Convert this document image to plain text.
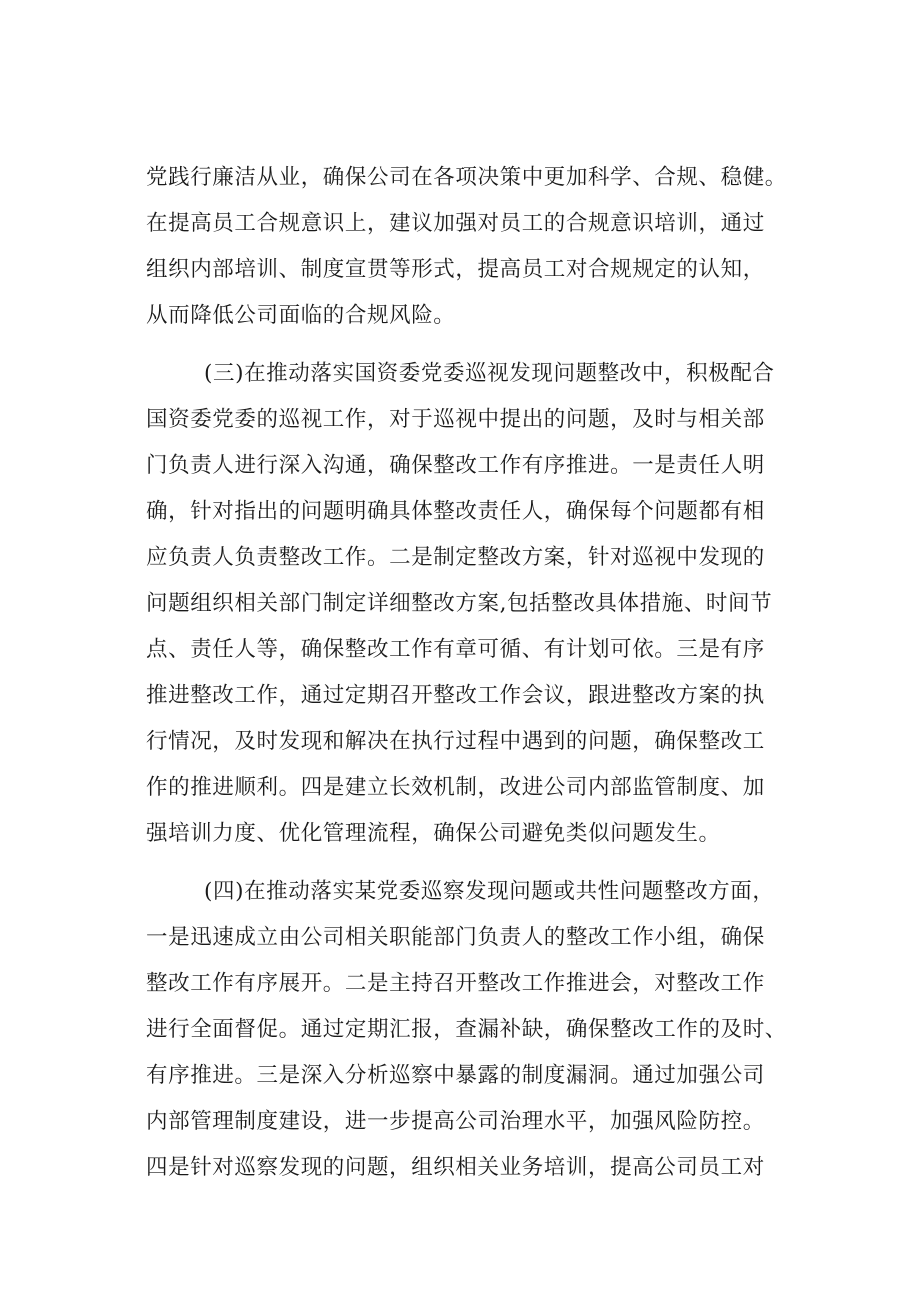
党践行廉洁从业，确保公司在各项决策中更加科学、合规、稳健。
在提高员工合规意识上，建议加强对员工的合规意识培训，通过
组织内部培训、制度宣贯等形式，提高员工对合规规定的认知，
从而降低公司面临的合规风险。
(三)在推动落实国资委党委巡视发现问题整改中，积极配合
国资委党委的巡视工作，对于巡视中提出的问题，及时与相关部
门负责人进行深入沟通，确保整改工作有序推进。一是责任人明
确，针对指出的问题明确具体整改责任人，确保每个问题都有相
应负责人负责整改工作。二是制定整改方案，针对巡视中发现的
问题组织相关部门制定详细整改方案,包括整改具体措施、时间节
点、责任人等，确保整改工作有章可循、有计划可依。三是有序
推进整改工作，通过定期召开整改工作会议，跟进整改方案的执
行情况，及时发现和解决在执行过程中遇到的问题，确保整改工
作的推进顺利。四是建立长效机制，改进公司内部监管制度、加
强培训力度、优化管理流程，确保公司避免类似问题发生。
(四)在推动落实某党委巡察发现问题或共性问题整改方面，
一是迅速成立由公司相关职能部门负责人的整改工作小组，确保
整改工作有序展开。二是主持召开整改工作推进会，对整改工作
进行全面督促。通过定期汇报，查漏补缺，确保整改工作的及时、
有序推进。三是深入分析巡察中暴露的制度漏洞。通过加强公司
内部管理制度建设，进一步提高公司治理水平，加强风险防控。
四是针对巡察发现的问题，组织相关业务培训，提高公司员工对
